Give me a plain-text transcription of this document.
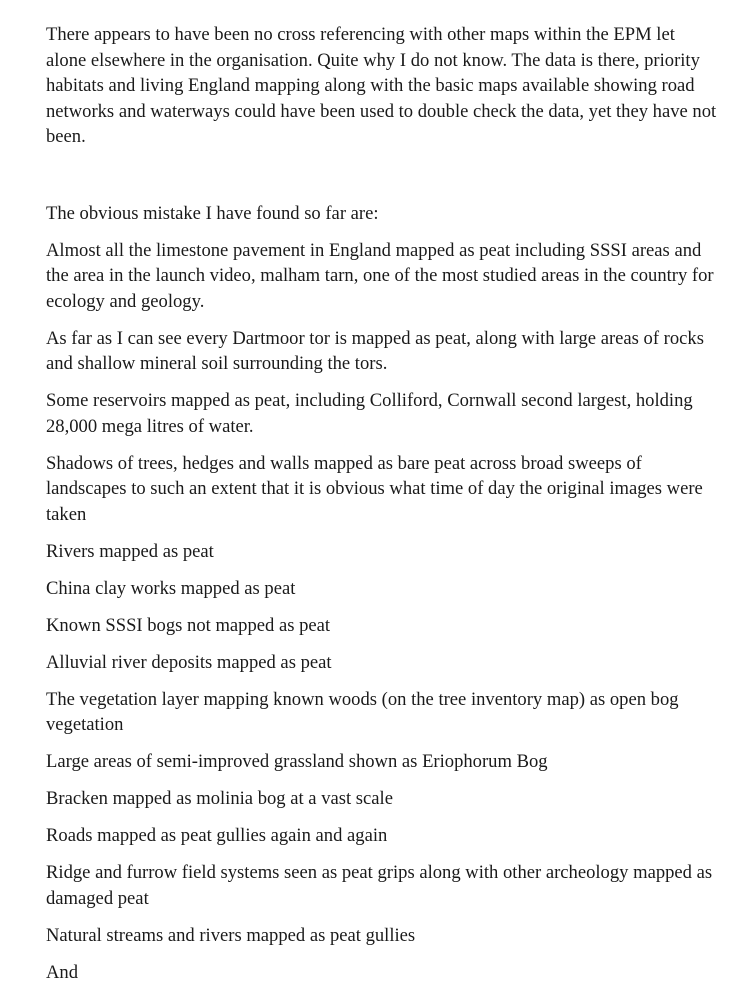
There appears to have been no cross referencing with other maps within the EPM let alone elsewhere in the organisation. Quite why I do not know. The data is there, priority habitats and living England mapping along with the basic maps available showing road networks and waterways could have been used to double check the data, yet they have not been.

The obvious mistake I have found so far are:

Almost all the limestone pavement in England mapped as peat including SSSI areas and the area in the launch video, malham tarn, one of the most studied areas in the country for ecology and geology.

As far as I can see every Dartmoor tor is mapped as peat, along with large areas of rocks and shallow mineral soil surrounding the tors.

Some reservoirs mapped as peat, including Colliford, Cornwall second largest, holding 28,000 mega litres of water.

Shadows of trees, hedges and walls mapped as bare peat across broad sweeps of landscapes to such an extent that it is obvious what time of day the original images were taken

Rivers mapped as peat

China clay works mapped as peat

Known SSSI bogs not mapped as peat

Alluvial river deposits mapped as peat

The vegetation layer mapping known woods (on the tree inventory map) as open bog vegetation

Large areas of semi-improved grassland shown as Eriophorum Bog

Bracken mapped as molinia bog at a vast scale

Roads mapped as peat gullies again and again

Ridge and furrow field systems seen as peat grips along with other archeology mapped as damaged peat

Natural streams and rivers mapped as peat gullies

And
